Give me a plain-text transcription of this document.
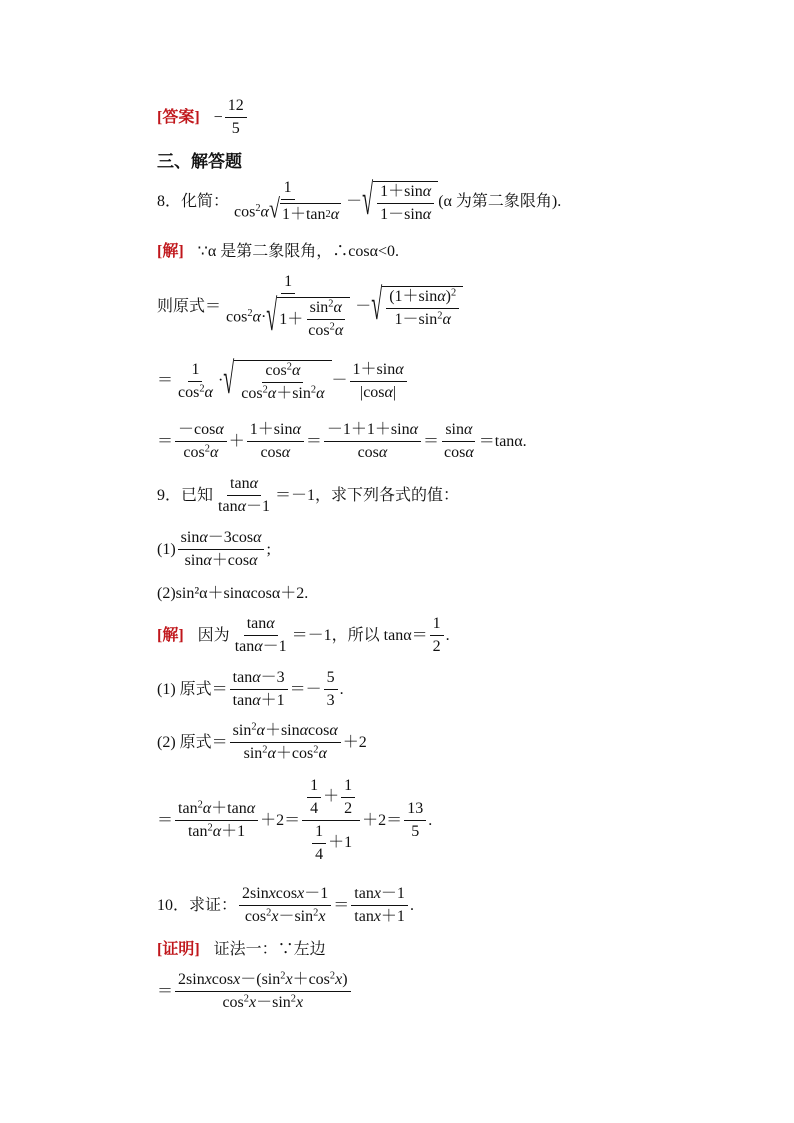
[答案] − $\frac{12}{5}$
三、解答题
8．化简：
1
$\cos^2\alpha$ √ 1＋tan 2 α
－ √ 1＋sinα
1－sinα
(α 为第二象限角).
[解] ∵α 是第二象限角，∴cosα<0.
则原式＝
1
$\cos^2\alpha\cdot$ √ 1＋
$\sin^2\alpha$
$\cos^2\alpha$
－ √ $(1+\sin\alpha)^2$
$1-\sin^2\alpha$
＝
1
$\cos^2\alpha$
· √ $\cos^2\alpha$
$\cos^2\alpha+\sin^2\alpha$
－
1＋sinα
|cosα|
＝
－cosα
$\cos^2\alpha$
＋
1＋sinα
cosα
＝
－1＋1＋sinα
cosα
＝
sinα
cosα
＝ tanα.
9．已知
tanα
tanα－1
＝－1，求下列各式的值：
(1)
sinα－3cosα
sinα＋cosα
;
(2)sin²α＋sinαcosα＋2.
[解] 因为
tanα
tanα－1
＝－1，所以 tanα＝
1
2
.
(1) 原式＝
tanα－3
tanα＋1
＝－
5
3
.
(2) 原式＝
$\sin^2\alpha+\sin\alpha\cos\alpha$
$\sin^2\alpha+\cos^2\alpha$
＋2
＝
$\tan^2\alpha+\tan\alpha$
$\tan^2\alpha+1$
＋2＝
$\frac{1}{4} + \frac{1}{2}$
$\frac{1}{4} +1$
＋2＝
13
5
.
10．求证：
2sinxcosx－1
$\cos^2x-\sin^2x$
＝
tanx－1
tanx＋1
.
[证明] 证法一：∵左边
＝
$2sinxcosx-(\sin^2x+\cos^2x)$
$\cos^2x-\sin^2x$
